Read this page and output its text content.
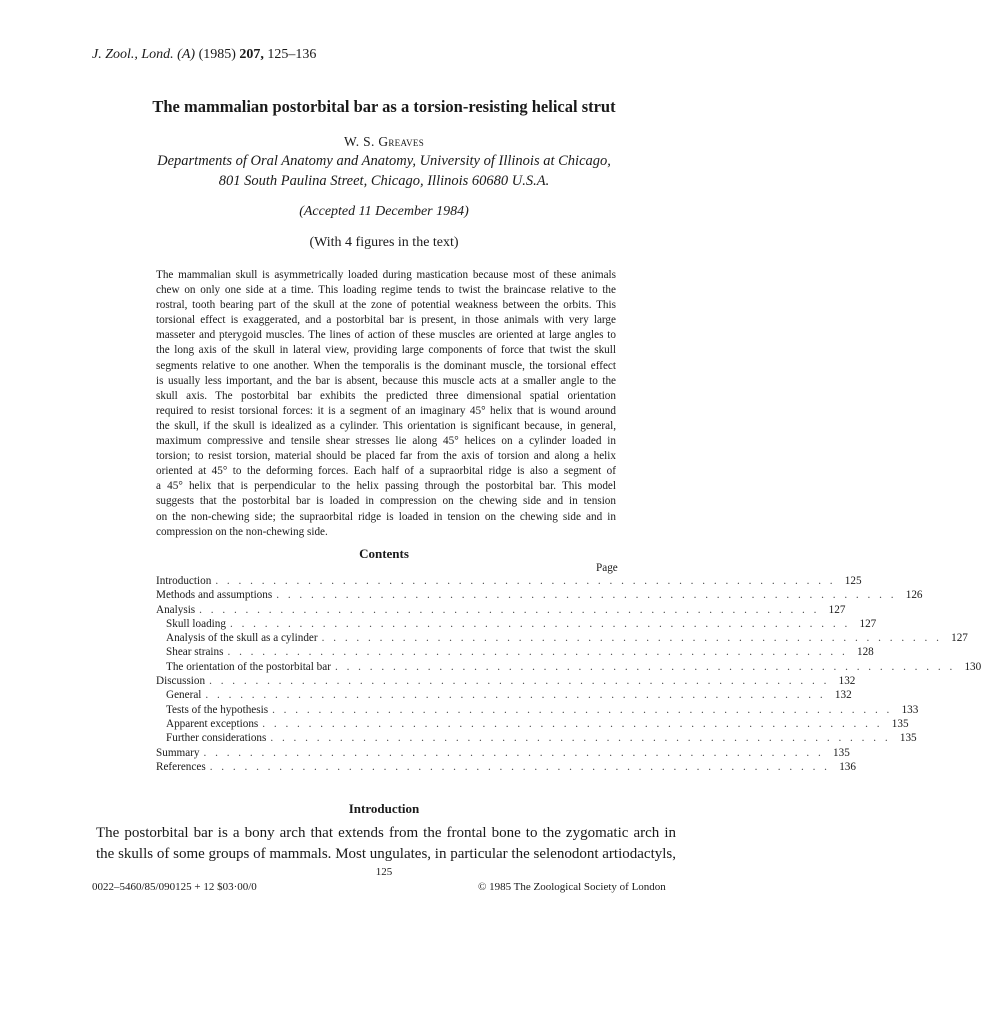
J. Zool., Lond. (A) (1985) 207, 125–136
The mammalian postorbital bar as a torsion-resisting helical strut
W. S. Greaves
Departments of Oral Anatomy and Anatomy, University of Illinois at Chicago,
801 South Paulina Street, Chicago, Illinois 60680 U.S.A.
(Accepted 11 December 1984)
(With 4 figures in the text)
The mammalian skull is asymmetrically loaded during mastication because most of these animals
chew on only one side at a time. This loading regime tends to twist the braincase relative to the
rostral, tooth bearing part of the skull at the zone of potential weakness between the orbits. This
torsional effect is exaggerated, and a postorbital bar is present, in those animals with very large
masseter and pterygoid muscles. The lines of action of these muscles are oriented at large angles to
the long axis of the skull in lateral view, providing large components of force that twist the skull
segments relative to one another. When the temporalis is the dominant muscle, the torsional effect
is usually less important, and the bar is absent, because this muscle acts at a smaller angle to the
skull axis. The postorbital bar exhibits the predicted three dimensional spatial orientation
required to resist torsional forces: it is a segment of an imaginary 45° helix that is wound around
the skull, if the skull is idealized as a cylinder. This orientation is significant because, in general,
maximum compressive and tensile shear stresses lie along 45° helices on a cylinder loaded in
torsion; to resist torsion, material should be placed far from the axis of torsion and along a helix
oriented at 45° to the deforming forces. Each half of a supraorbital ridge is also a segment of
a 45° helix that is perpendicular to the helix passing through the postorbital bar. This model
suggests that the postorbital bar is loaded in compression on the chewing side and in tension
on the non-chewing side; the supraorbital ridge is loaded in tension on the chewing side and in
compression on the non-chewing side.
Contents
Page
Introduction . . . . . . . . . . . . . . . . . . . . . . . . . . . . . . . . . . . . . . . . . . . . . . . . . . . . . . 125
Methods and assumptions . . . . . . . . . . . . . . . . . . . . . . . . . . . . . . . . . . . . . . . . . . . . . . . . . . . . . . 126
Analysis . . . . . . . . . . . . . . . . . . . . . . . . . . . . . . . . . . . . . . . . . . . . . . . . . . . . . . 127
Skull loading . . . . . . . . . . . . . . . . . . . . . . . . . . . . . . . . . . . . . . . . . . . . . . . . . . . . . . 127
Analysis of the skull as a cylinder . . . . . . . . . . . . . . . . . . . . . . . . . . . . . . . . . . . . . . . . . . . . . . . . . . . . . . 127
Shear strains . . . . . . . . . . . . . . . . . . . . . . . . . . . . . . . . . . . . . . . . . . . . . . . . . . . . . . 128
The orientation of the postorbital bar . . . . . . . . . . . . . . . . . . . . . . . . . . . . . . . . . . . . . . . . . . . . . . . . . . . . . . 130
Discussion . . . . . . . . . . . . . . . . . . . . . . . . . . . . . . . . . . . . . . . . . . . . . . . . . . . . . . 132
General . . . . . . . . . . . . . . . . . . . . . . . . . . . . . . . . . . . . . . . . . . . . . . . . . . . . . . 132
Tests of the hypothesis . . . . . . . . . . . . . . . . . . . . . . . . . . . . . . . . . . . . . . . . . . . . . . . . . . . . . . 133
Apparent exceptions . . . . . . . . . . . . . . . . . . . . . . . . . . . . . . . . . . . . . . . . . . . . . . . . . . . . . . 135
Further considerations . . . . . . . . . . . . . . . . . . . . . . . . . . . . . . . . . . . . . . . . . . . . . . . . . . . . . . 135
Summary . . . . . . . . . . . . . . . . . . . . . . . . . . . . . . . . . . . . . . . . . . . . . . . . . . . . . . 135
References . . . . . . . . . . . . . . . . . . . . . . . . . . . . . . . . . . . . . . . . . . . . . . . . . . . . . . 136
Introduction
The postorbital bar is a bony arch that extends from the frontal bone to the zygomatic arch in
the skulls of some groups of mammals. Most ungulates, in particular the selenodont artiodactyls,
125
0022–5460/85/090125 + 12 $03·00/0	© 1985 The Zoological Society of London
